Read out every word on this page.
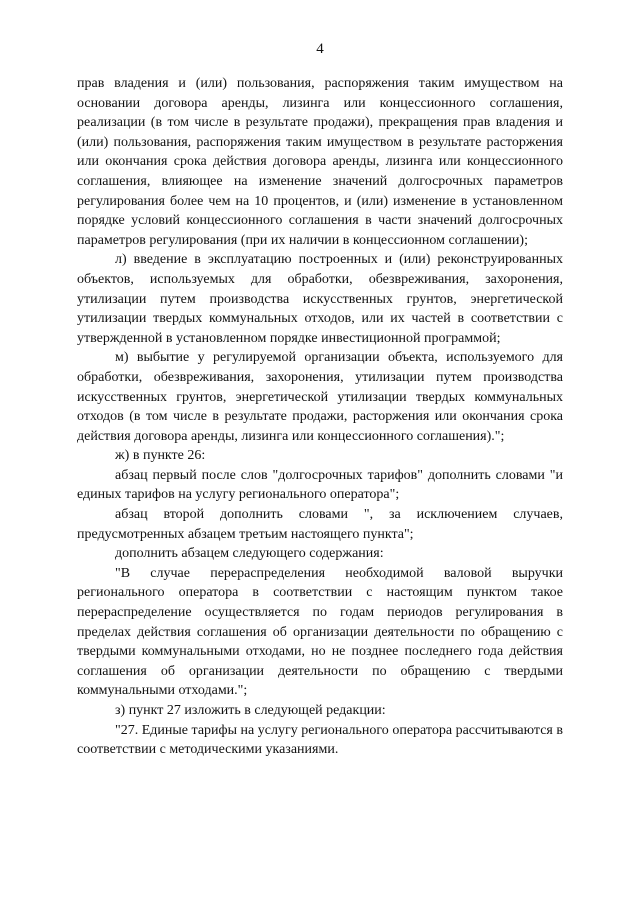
4

прав владения и (или) пользования, распоряжения таким имуществом на основании договора аренды, лизинга или концессионного соглашения, реализации (в том числе в результате продажи), прекращения прав владения и (или) пользования, распоряжения таким имуществом в результате расторжения или окончания срока действия договора аренды, лизинга или концессионного соглашения, влияющее на изменение значений долгосрочных параметров регулирования более чем на 10 процентов, и (или) изменение в установленном порядке условий концессионного соглашения в части значений долгосрочных параметров регулирования (при их наличии в концессионном соглашении);

л) введение в эксплуатацию построенных и (или) реконструированных объектов, используемых для обработки, обезвреживания, захоронения, утилизации путем производства искусственных грунтов, энергетической утилизации твердых коммунальных отходов, или их частей в соответствии с утвержденной в установленном порядке инвестиционной программой;

м) выбытие у регулируемой организации объекта, используемого для обработки, обезвреживания, захоронения, утилизации путем производства искусственных грунтов, энергетической утилизации твердых коммунальных отходов (в том числе в результате продажи, расторжения или окончания срока действия договора аренды, лизинга или концессионного соглашения).";

ж) в пункте 26:

абзац первый после слов "долгосрочных тарифов" дополнить словами "и единых тарифов на услугу регионального оператора";

абзац второй дополнить словами ", за исключением случаев, предусмотренных абзацем третьим настоящего пункта";

дополнить абзацем следующего содержания:

"В случае перераспределения необходимой валовой выручки регионального оператора в соответствии с настоящим пунктом такое перераспределение осуществляется по годам периодов регулирования в пределах действия соглашения об организации деятельности по обращению с твердыми коммунальными отходами, но не позднее последнего года действия соглашения об организации деятельности по обращению с твердыми коммунальными отходами.";

з) пункт 27 изложить в следующей редакции:

"27. Единые тарифы на услугу регионального оператора рассчитываются в соответствии с методическими указаниями.
